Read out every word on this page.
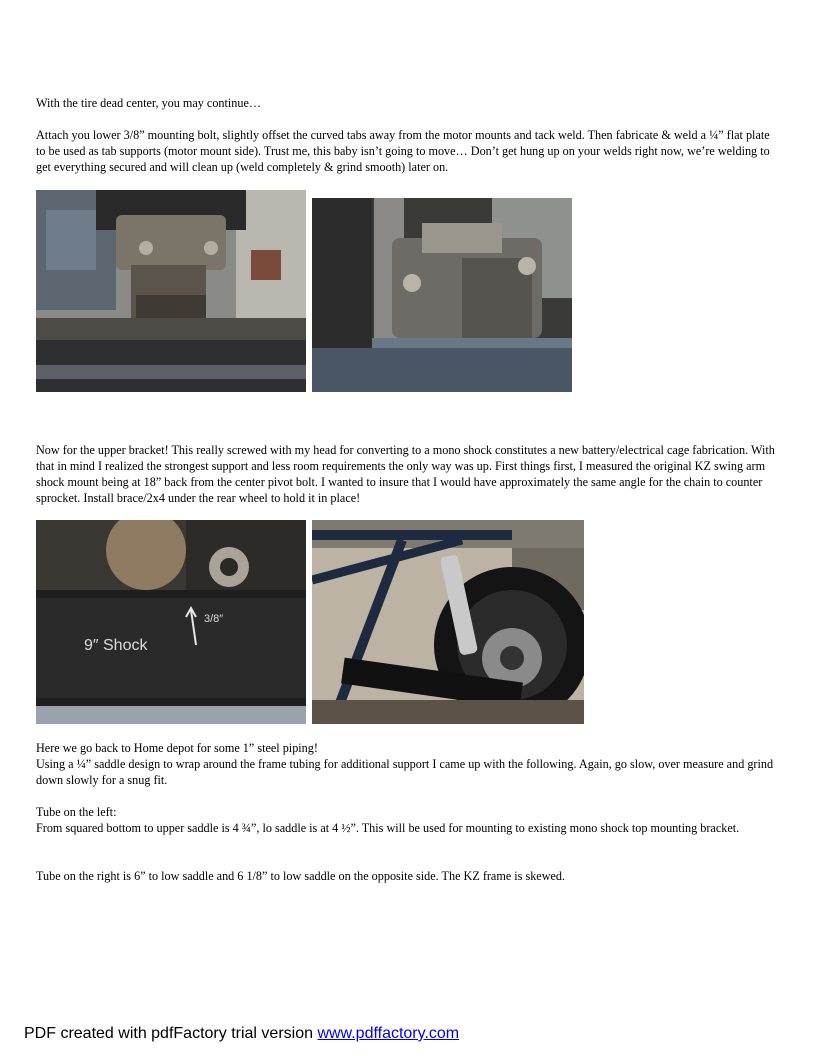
With the tire dead center, you may continue…

Attach you lower 3/8” mounting bolt, slightly offset the curved tabs away from the motor mounts and tack weld. Then fabricate & weld a ¼” flat plate to be used as tab supports (motor mount side). Trust me, this baby isn’t going to move… Don’t get hung up on your welds right now, we’re welding to get everything secured and will clean up (weld completely & grind smooth) later on.

Now for the upper bracket! This really screwed with my head for converting to a mono shock constitutes a new battery/electrical cage fabrication. With that in mind I realized the strongest support and less room requirements the only way was up. First things first, I measured the original KZ swing arm shock mount being at 18” back from the center pivot bolt. I wanted to insure that I would have approximately the same angle for the chain to counter sprocket. Install brace/2x4 under the rear wheel to hold it in place!

9″ Shock
3/8″

Here we go back to Home depot for some 1” steel piping!

Using a ¼” saddle design to wrap around the frame tubing for additional support I came up with the following. Again, go slow, over measure and grind down slowly for a snug fit.

Tube on the left:

From squared bottom to upper saddle is 4 ¾”, lo saddle is at 4 ½”. This will be used for mounting to existing mono shock top mounting bracket.

Tube on the right is 6” to low saddle and 6 1/8” to low saddle on the opposite side. The KZ frame is skewed.

PDF created with pdfFactory trial version www.pdffactory.com
